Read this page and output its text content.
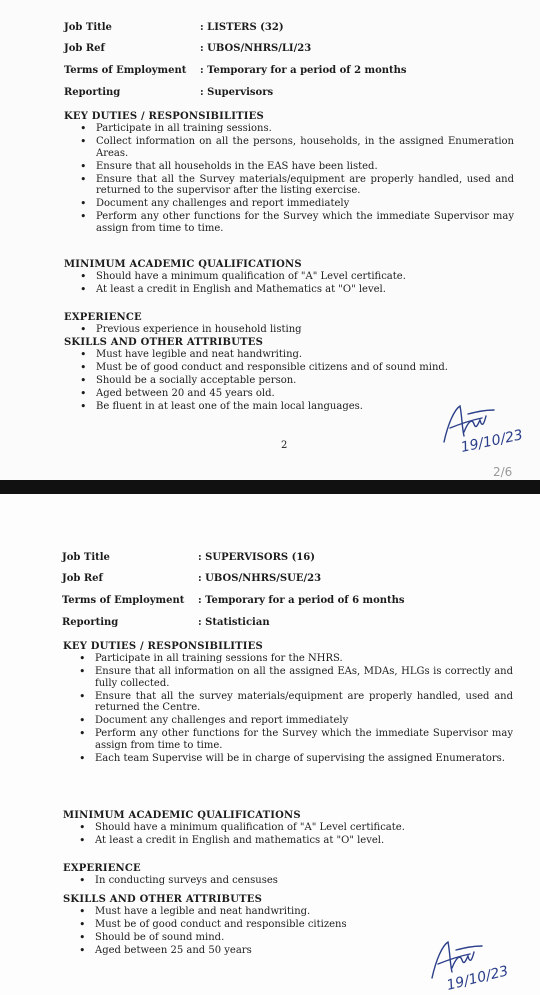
Job Title	: LISTERS (32)
Job Ref	: UBOS/NHRS/LI/23
Terms of Employment : Temporary for a period of 2 months
Reporting	: Supervisors
KEY DUTIES / RESPONSIBILITIES
• Participate in all training sessions.
• Collect information on all the persons, households, in the assigned Enumeration Areas.
• Ensure that all households in the EAS have been listed.
• Ensure that all the Survey materials/equipment are properly handled, used and returned to the supervisor after the listing exercise.
• Document any challenges and report immediately
• Perform any other functions for the Survey which the immediate Supervisor may assign from time to time.
MINIMUM ACADEMIC QUALIFICATIONS
• Should have a minimum qualification of "A" Level certificate.
• At least a credit in English and Mathematics at "O" level.
EXPERIENCE
• Previous experience in household listing
SKILLS AND OTHER ATTRIBUTES
• Must have legible and neat handwriting.
• Must be of good conduct and responsible citizens and of sound mind.
• Should be a socially acceptable person.
• Aged between 20 and 45 years old.
• Be fluent in at least one of the main local languages.
2	19/10/23
2/6
Job Title	: SUPERVISORS (16)
Job Ref	: UBOS/NHRS/SUE/23
Terms of Employment : Temporary for a period of 6 months
Reporting	: Statistician
KEY DUTIES / RESPONSIBILITIES
• Participate in all training sessions for the NHRS.
• Ensure that all information on all the assigned EAs, MDAs, HLGs is correctly and fully collected.
• Ensure that all the survey materials/equipment are properly handled, used and returned the Centre.
• Document any challenges and report immediately
• Perform any other functions for the Survey which the immediate Supervisor may assign from time to time.
• Each team Supervise will be in charge of supervising the assigned Enumerators.
MINIMUM ACADEMIC QUALIFICATIONS
• Should have a minimum qualification of "A" Level certificate.
• At least a credit in English and mathematics at "O" level.
EXPERIENCE
• In conducting surveys and censuses
SKILLS AND OTHER ATTRIBUTES
• Must have a legible and neat handwriting.
• Must be of good conduct and responsible citizens
• Should be of sound mind.
• Aged between 25 and 50 years
19/10/23
